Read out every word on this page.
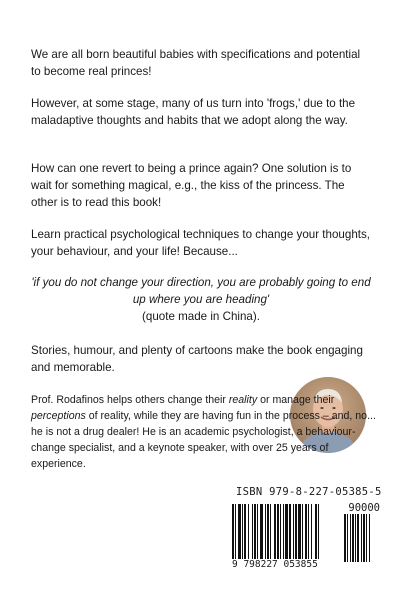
We are all born beautiful babies with specifications and potential to become real princes!

However, at some stage, many of us turn into 'frogs,' due to the maladaptive thoughts and habits that we adopt along the way.

How can one revert to being a prince again? One solution is to wait for something magical, e.g., the kiss of the princess. The other is to read this book!

Learn practical psychological techniques to change your thoughts, your behaviour, and your life! Because...

'if you do not change your direction, you are probably going to end up where you are heading'
(quote made in China).

Stories, humour, and plenty of cartoons make the book engaging and memorable.

Prof. Rodafinos helps others change their reality or manage their perceptions of reality, while they are having fun in the process – and, no... he is not a drug dealer! He is an academic psychologist, a behaviour-change specialist, and a keynote speaker, with over 25 years of experience.

ISBN 979-8-227-05385-5
90000
9 798227 053855
